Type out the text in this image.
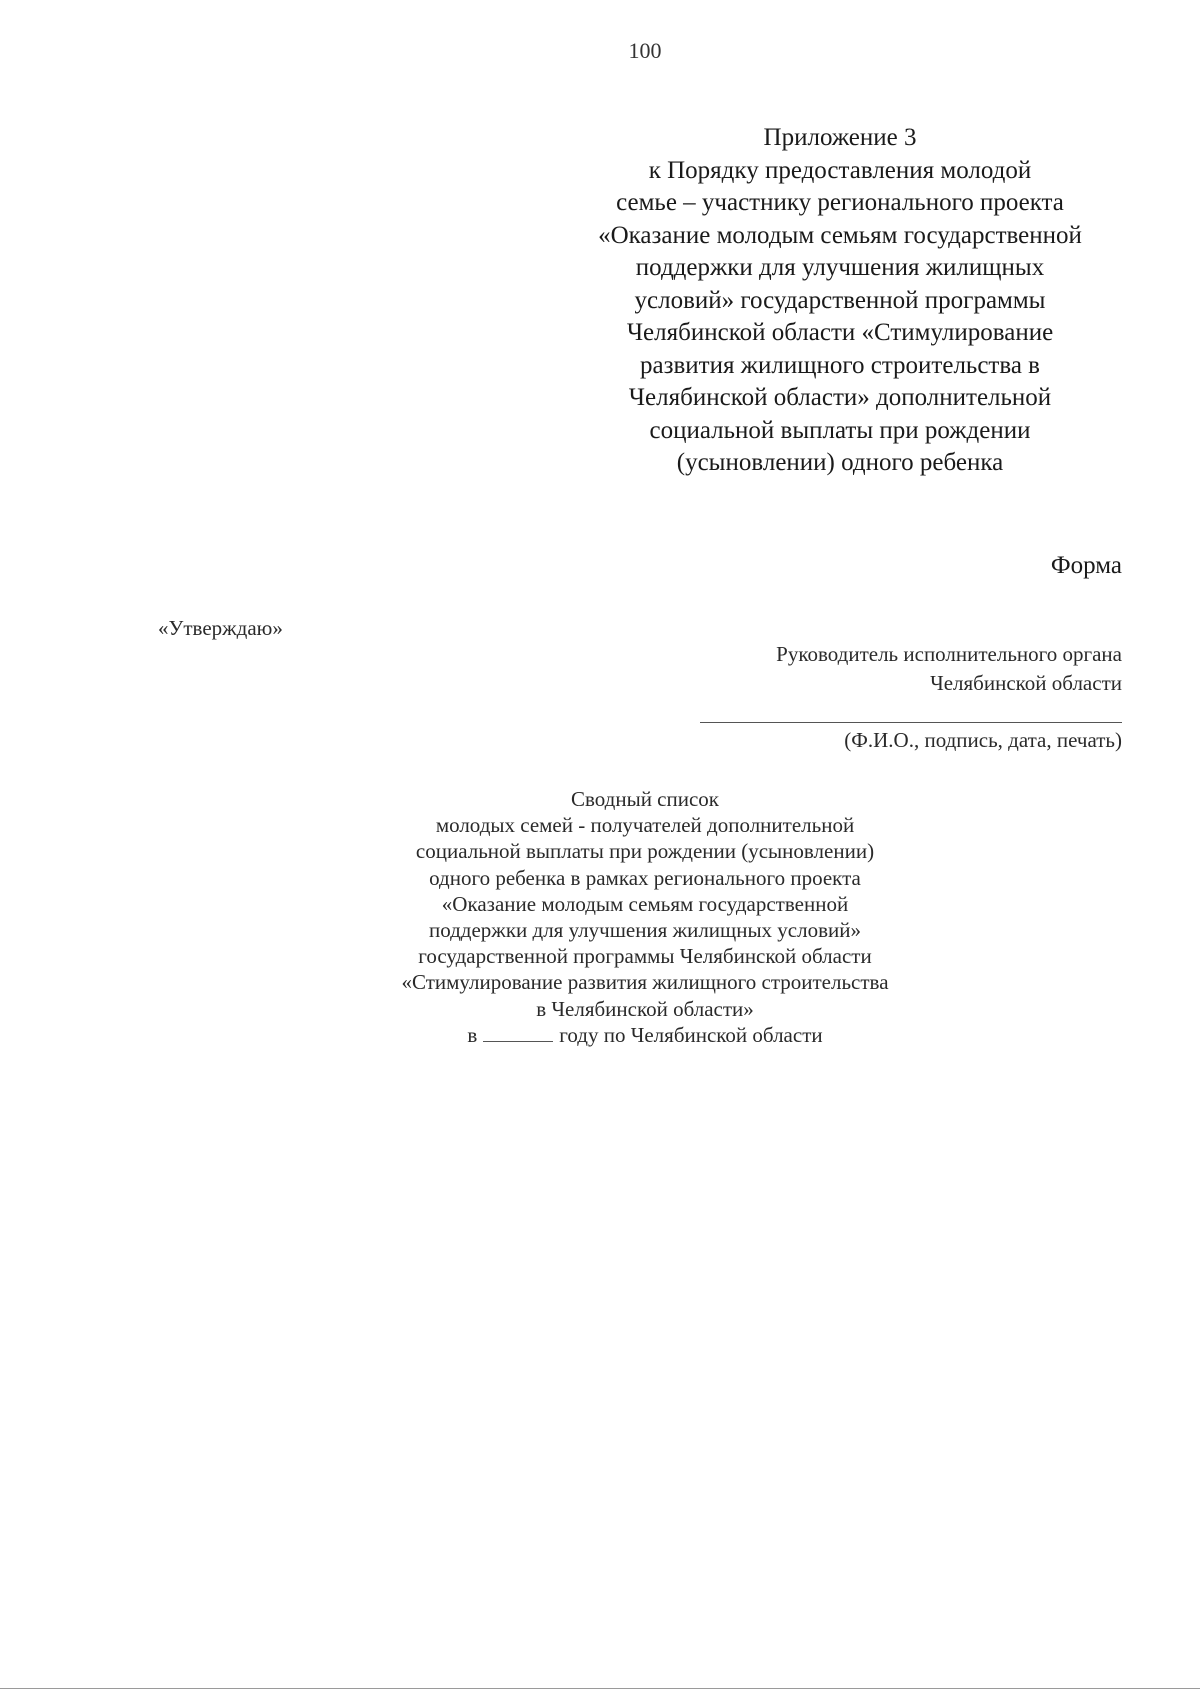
100
Приложение 3
к Порядку предоставления молодой
семье – участнику регионального проекта
«Оказание молодым семьям государственной
поддержки для улучшения жилищных
условий» государственной программы
Челябинской области «Стимулирование
развития жилищного строительства в
Челябинской области» дополнительной
социальной выплаты при рождении
(усыновлении) одного ребенка
Форма
«Утверждаю»
Руководитель исполнительного органа
Челябинской области
(Ф.И.О., подпись, дата, печать)
Сводный список
молодых семей - получателей дополнительной
социальной выплаты при рождении (усыновлении)
одного ребенка в рамках регионального проекта
«Оказание молодым семьям государственной
поддержки для улучшения жилищных условий»
государственной программы Челябинской области
«Стимулирование развития жилищного строительства
в Челябинской области»
в	году по Челябинской области
